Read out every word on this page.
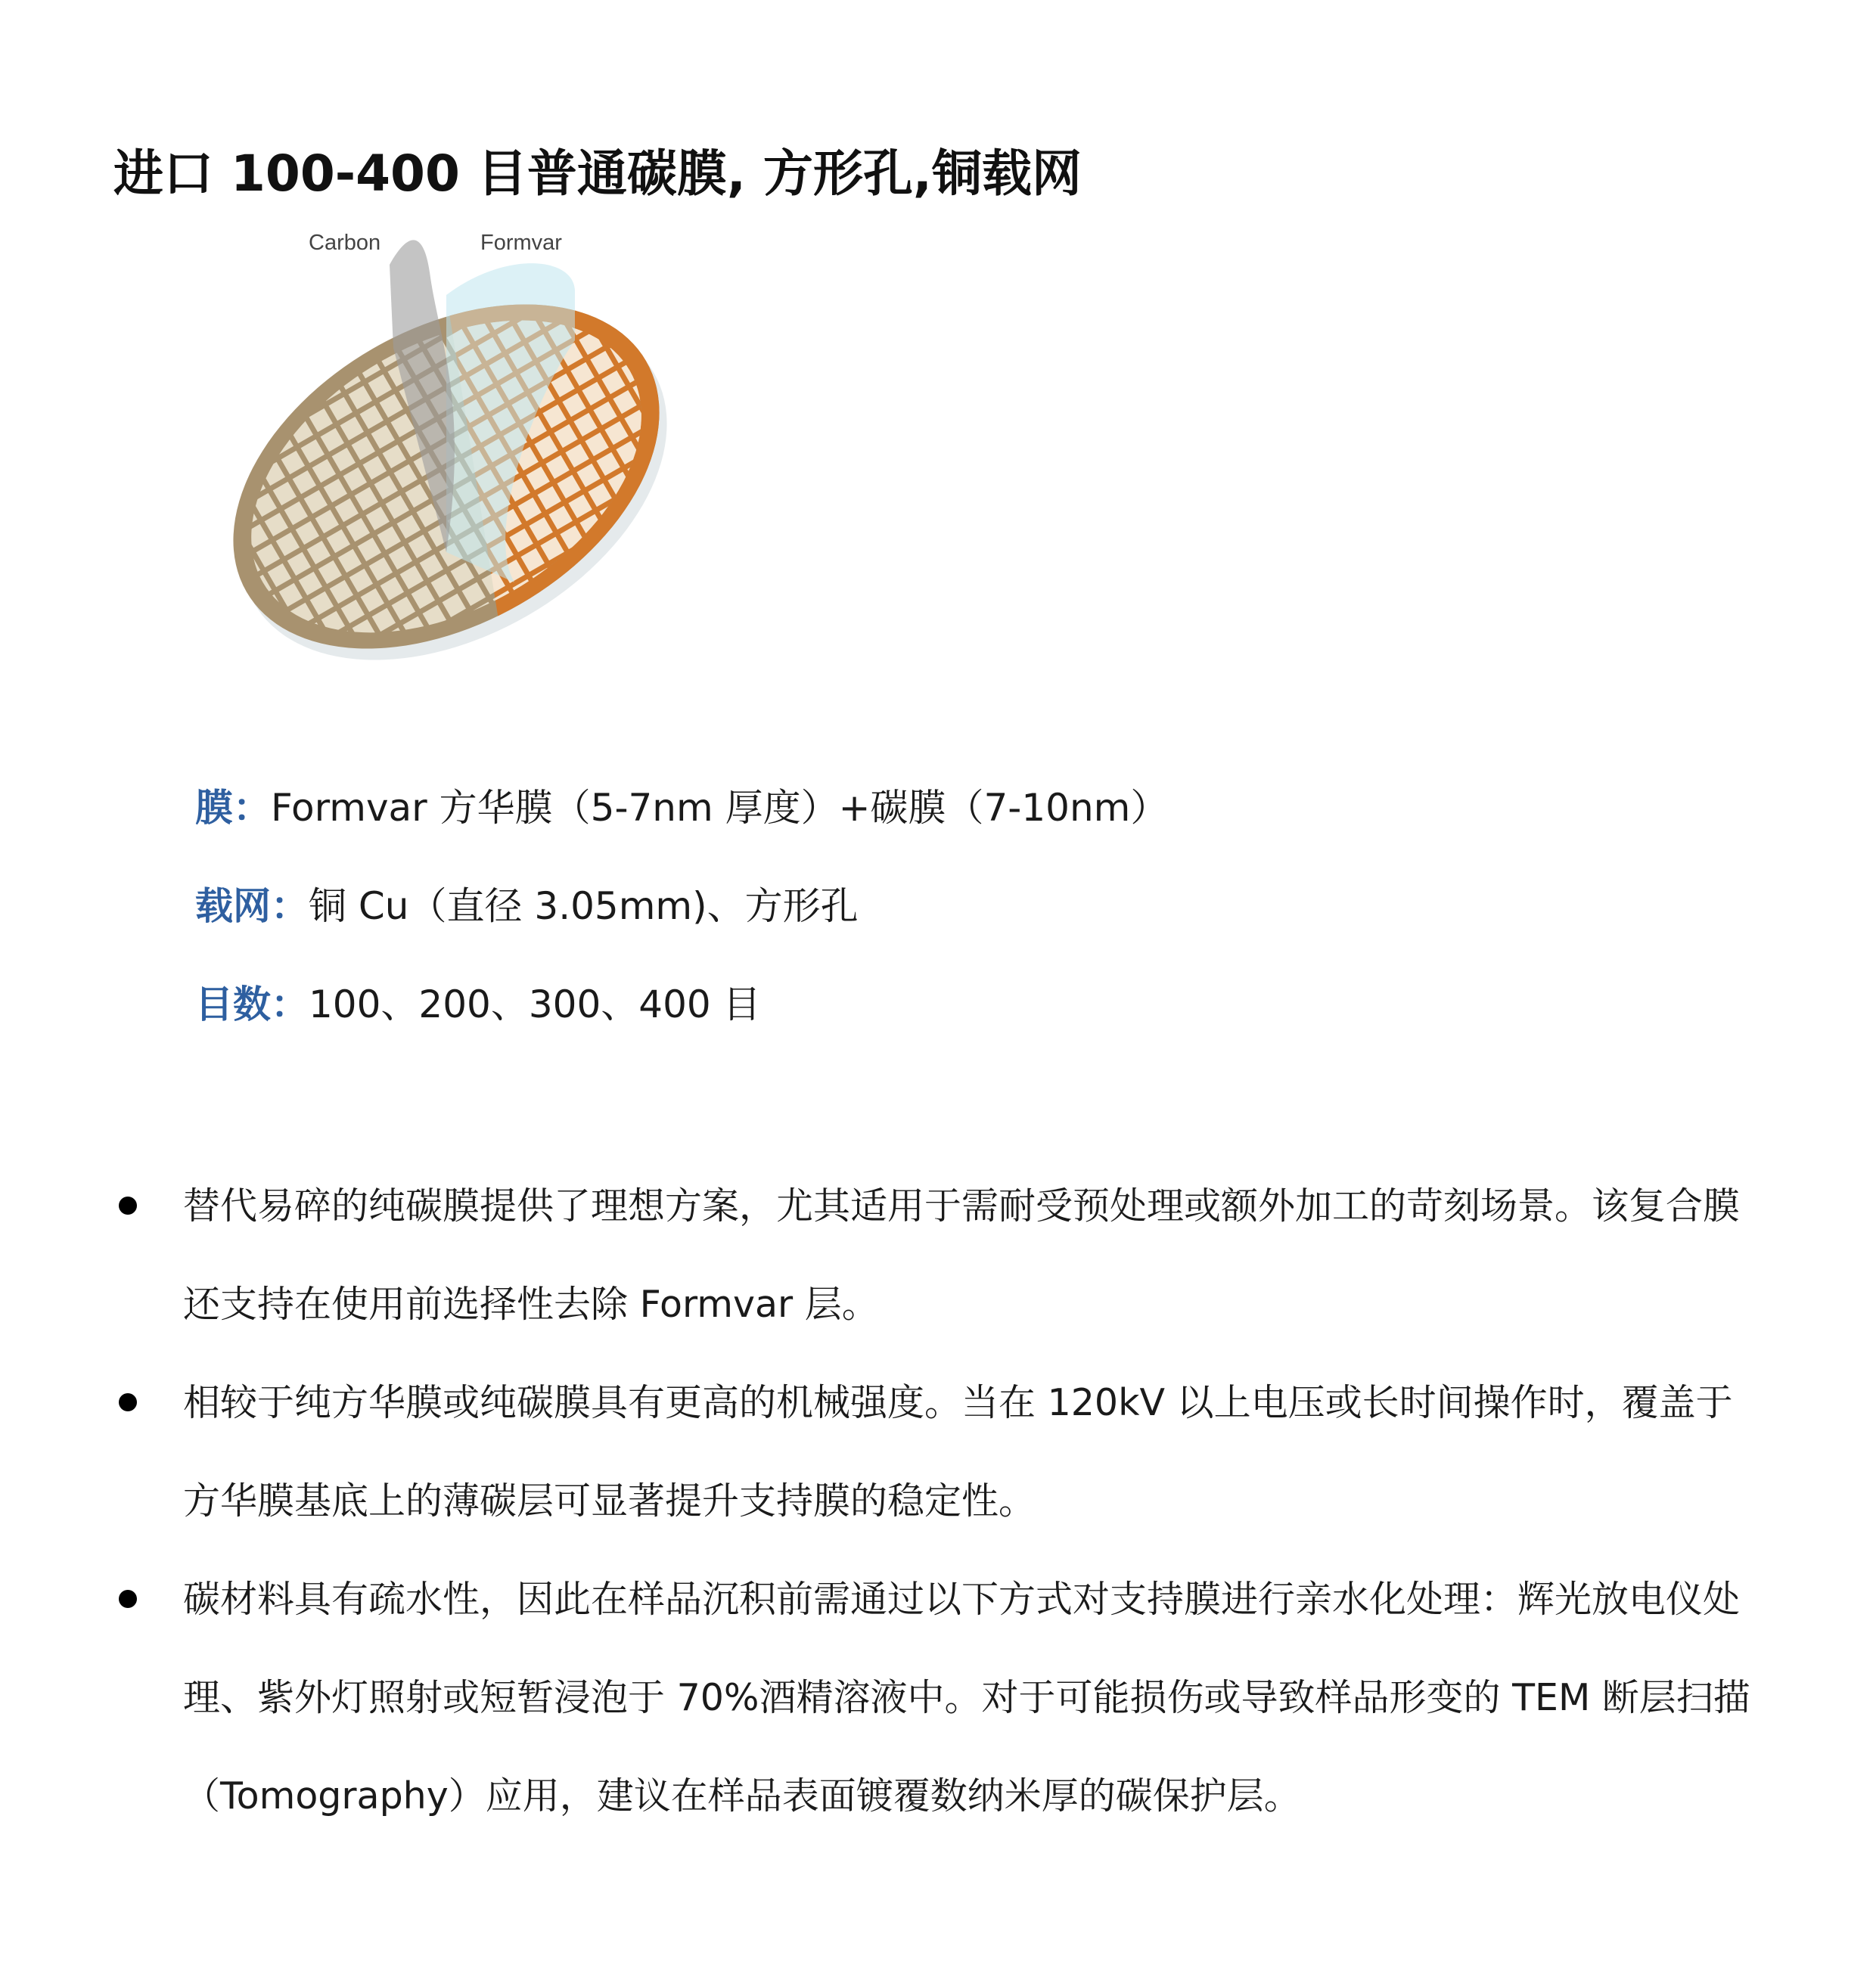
进口 100-400 目普通碳膜, 方形孔,铜载网
Carbon	Formvar
膜：Formvar 方华膜（5-7nm 厚度）+碳膜（7-10nm）
载网：铜 Cu（直径 3.05mm)、方形孔
目数：100、200、300、400 目
替代易碎的纯碳膜提供了理想方案，尤其适用于需耐受预处理或额外加工的苛刻场景。该复合膜还支持在使用前选择性去除 Formvar 层。
相较于纯方华膜或纯碳膜具有更高的机械强度。当在 120kV 以上电压或长时间操作时，覆盖于方华膜基底上的薄碳层可显著提升支持膜的稳定性。
碳材料具有疏水性，因此在样品沉积前需通过以下方式对支持膜进行亲水化处理：辉光放电仪处理、紫外灯照射或短暂浸泡于 70%酒精溶液中。对于可能损伤或导致样品形变的 TEM 断层扫描（Tomography）应用，建议在样品表面镀覆数纳米厚的碳保护层。
